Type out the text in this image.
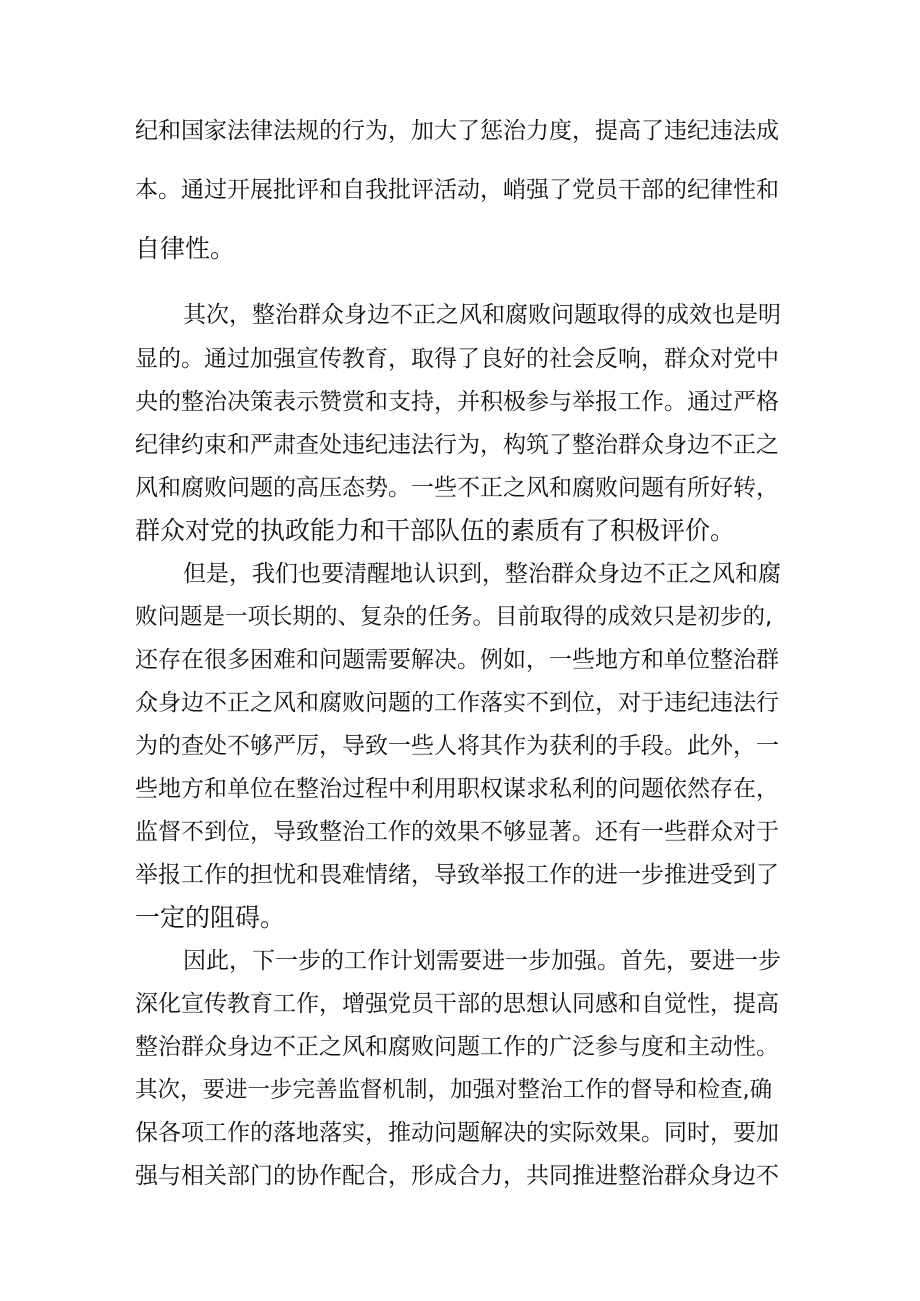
纪和国家法律法规的行为，加大了惩治力度，提高了违纪违法成
本。通过开展批评和自我批评活动，峭强了党员干部的纪律性和
自律性。
其次，整治群众身边不正之风和腐败问题取得的成效也是明
显的。通过加强宣传教育，取得了良好的社会反响，群众对党中
央的整治决策表示赞赏和支持，并积极参与举报工作。通过严格
纪律约束和严肃查处违纪违法行为，构筑了整治群众身边不正之
风和腐败问题的高压态势。一些不正之风和腐败问题有所好转，
群众对党的执政能力和干部队伍的素质有了积极评价。
但是，我们也要清醒地认识到，整治群众身边不正之风和腐
败问题是一项长期的、复杂的任务。目前取得的成效只是初步的,
还存在很多困难和问题需要解决。例如，一些地方和单位整治群
众身边不正之风和腐败问题的工作落实不到位，对于违纪违法行
为的查处不够严厉，导致一些人将其作为获利的手段。此外，一
些地方和单位在整治过程中利用职权谋求私利的问题依然存在，
监督不到位，导致整治工作的效果不够显著。还有一些群众对于
举报工作的担忧和畏难情绪，导致举报工作的进一步推进受到了
一定的阻碍。
因此，下一步的工作计划需要进一步加强。首先，要进一步
深化宣传教育工作，增强党员干部的思想认同感和自觉性，提高
整治群众身边不正之风和腐败问题工作的广泛参与度和主动性。
其次，要进一步完善监督机制，加强对整治工作的督导和检查,确
保各项工作的落地落实，推动问题解决的实际效果。同时，要加
强与相关部门的协作配合，形成合力，共同推进整治群众身边不
